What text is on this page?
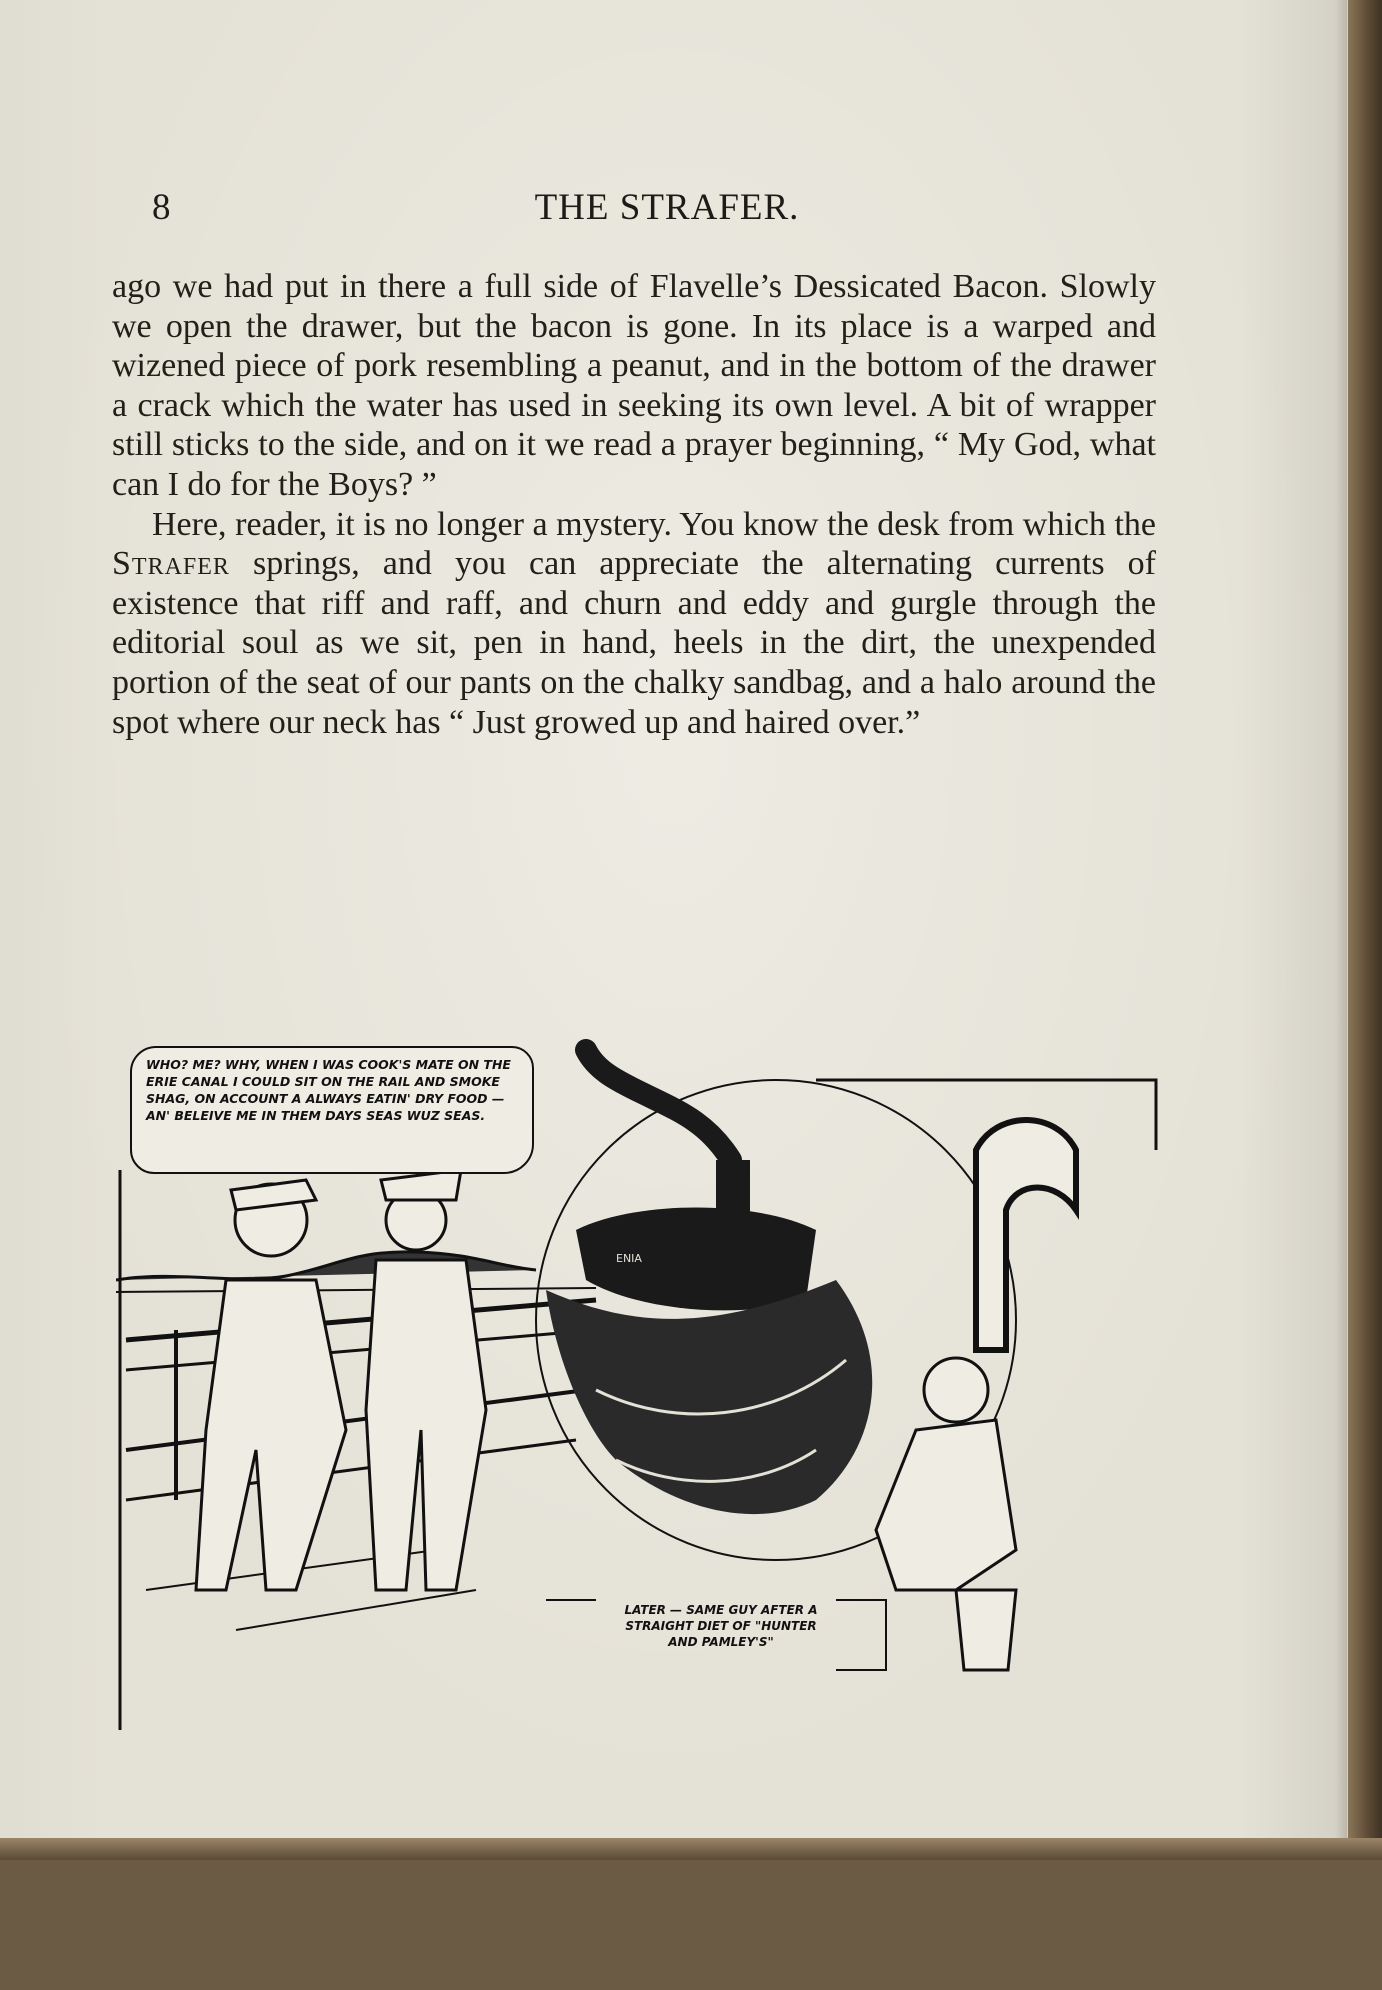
8	THE STRAFER.

ago we had put in there a full side of Flavelle’s Dessicated Bacon. Slowly we open the drawer, but the bacon is gone. In its place is a warped and wizened piece of pork resembling a peanut, and in the bottom of the drawer a crack which the water has used in seeking its own level. A bit of wrapper still sticks to the side, and on it we read a prayer beginning, “ My God, what can I do for the Boys? ”

Here, reader, it is no longer a mystery. You know the desk from which the Strafer springs, and you can appreciate the alternating currents of existence that riff and raff, and churn and eddy and gurgle through the editorial soul as we sit, pen in hand, heels in the dirt, the unexpended portion of the seat of our pants on the chalky sandbag, and a halo around the spot where our neck has “ Just growed up and haired over.”

ENIA
WHO? ME? WHY, WHEN I WAS COOK'S MATE ON THE ERIE CANAL I COULD SIT ON THE RAIL AND SMOKE SHAG, ON ACCOUNT A ALWAYS EATIN' DRY FOOD — AN' BELEIVE ME IN THEM DAYS SEAS WUZ SEAS.
LATER — SAME GUY AFTER A STRAIGHT DIET OF "HUNTER AND PAMLEY'S"
